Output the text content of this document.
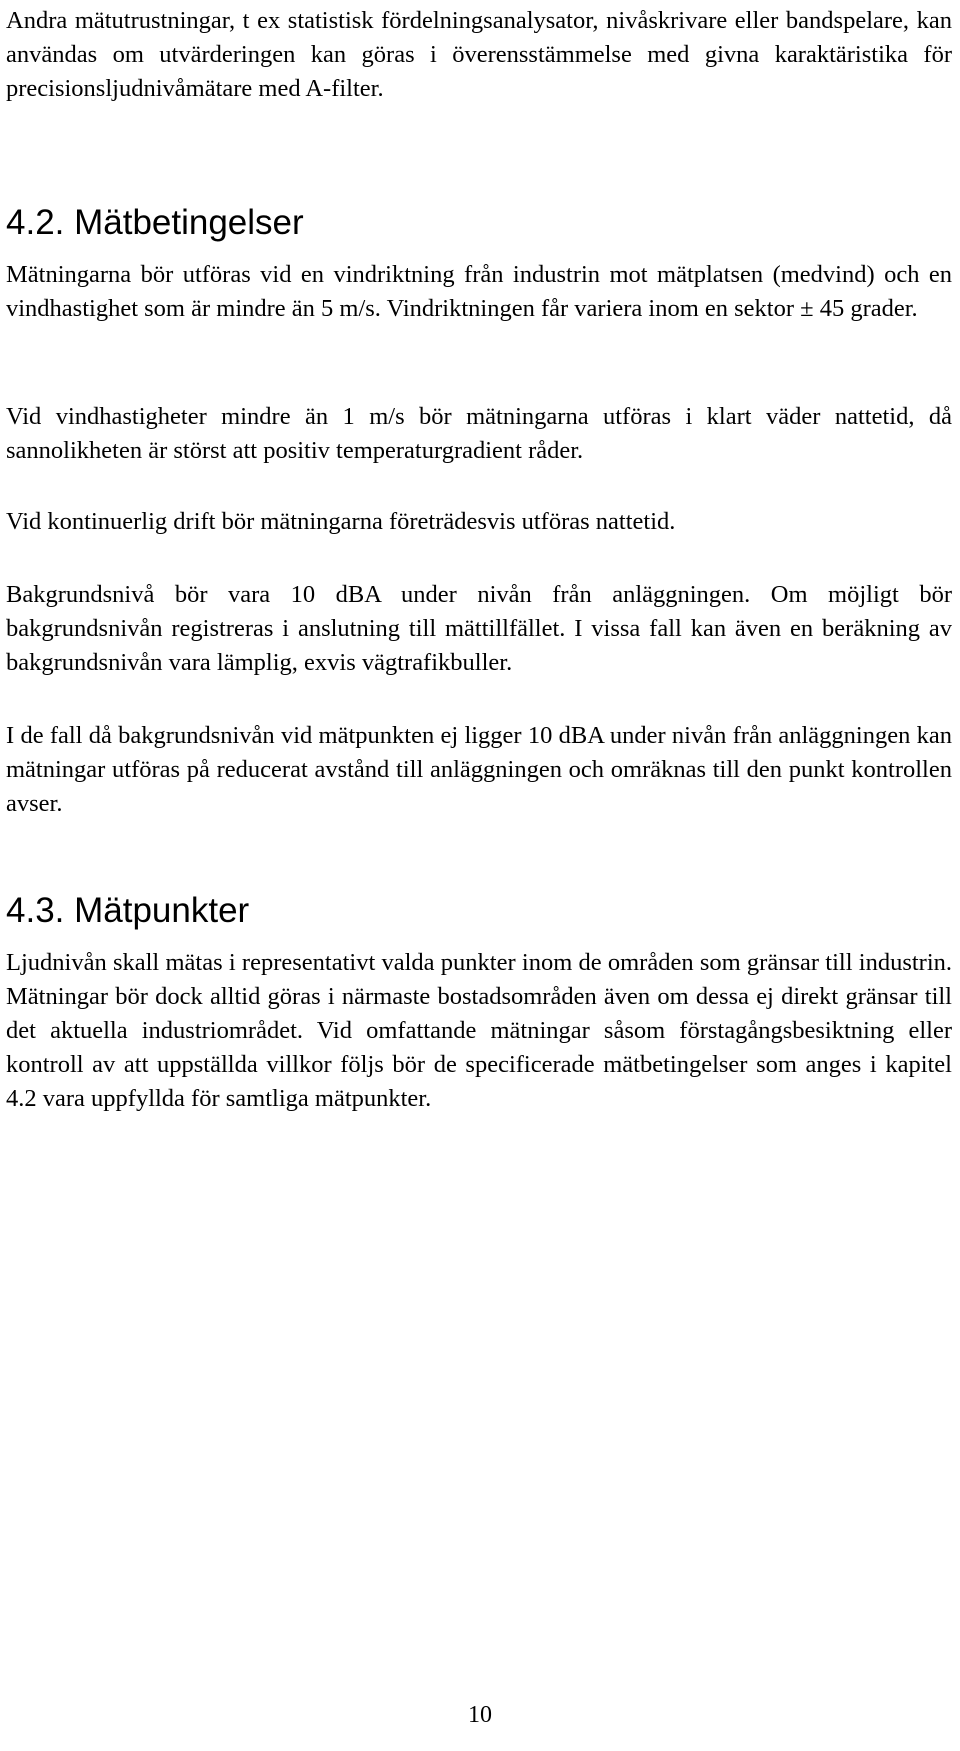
Andra mätutrustningar, t ex statistisk fördelningsanalysator, nivåskrivare eller bandspelare, kan användas om utvärderingen kan göras i överensstämmelse med givna karaktäristika för precisionsljudnivåmätare med A-filter.

4.2. Mätbetingelser

Mätningarna bör utföras vid en vindriktning från industrin mot mätplatsen (medvind) och en vindhastighet som är mindre än 5 m/s. Vindriktningen får variera inom en sektor ± 45 grader.

Vid vindhastigheter mindre än 1 m/s bör mätningarna utföras i klart väder nattetid, då sannolikheten är störst att positiv temperaturgradient råder.

Vid kontinuerlig drift bör mätningarna företrädesvis utföras nattetid.

Bakgrundsnivå bör vara 10 dBA under nivån från anläggningen. Om möjligt bör bakgrundsnivån registreras i anslutning till mättillfället. I vissa fall kan även en beräkning av bakgrundsnivån vara lämplig, exvis vägtrafikbuller.

I de fall då bakgrundsnivån vid mätpunkten ej ligger 10 dBA under nivån från anläggningen kan mätningar utföras på reducerat avstånd till anläggningen och omräknas till den punkt kontrollen avser.

4.3. Mätpunkter

Ljudnivån skall mätas i representativt valda punkter inom de områden som gränsar till industrin. Mätningar bör dock alltid göras i närmaste bostadsområden även om dessa ej direkt gränsar till det aktuella industriområdet. Vid omfattande mätningar såsom förstagångsbesiktning eller kontroll av att uppställda villkor följs bör de specificerade mätbetingelser som anges i kapitel 4.2 vara uppfyllda för samtliga mätpunkter.

10
